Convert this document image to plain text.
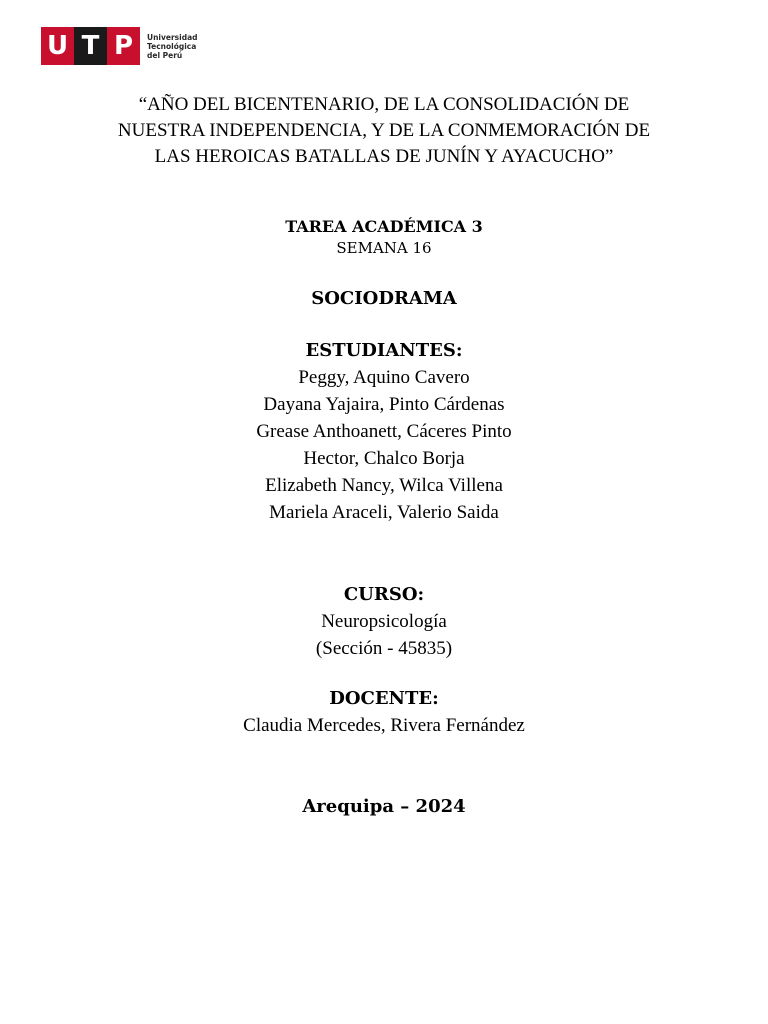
U T P	Universidad
Tecnológica
del Perú
“AÑO DEL BICENTENARIO, DE LA CONSOLIDACIÓN DE
NUESTRA INDEPENDENCIA, Y DE LA CONMEMORACIÓN DE
LAS HEROICAS BATALLAS DE JUNÍN Y AYACUCHO”
TAREA ACADÉMICA 3
SEMANA 16
SOCIODRAMA
ESTUDIANTES:
Peggy, Aquino Cavero
Dayana Yajaira, Pinto Cárdenas
Grease Anthoanett, Cáceres Pinto
Hector, Chalco Borja
Elizabeth Nancy, Wilca Villena
Mariela Araceli, Valerio Saida
CURSO:
Neuropsicología
(Sección - 45835)
DOCENTE:
Claudia Mercedes, Rivera Fernández
Arequipa – 2024
